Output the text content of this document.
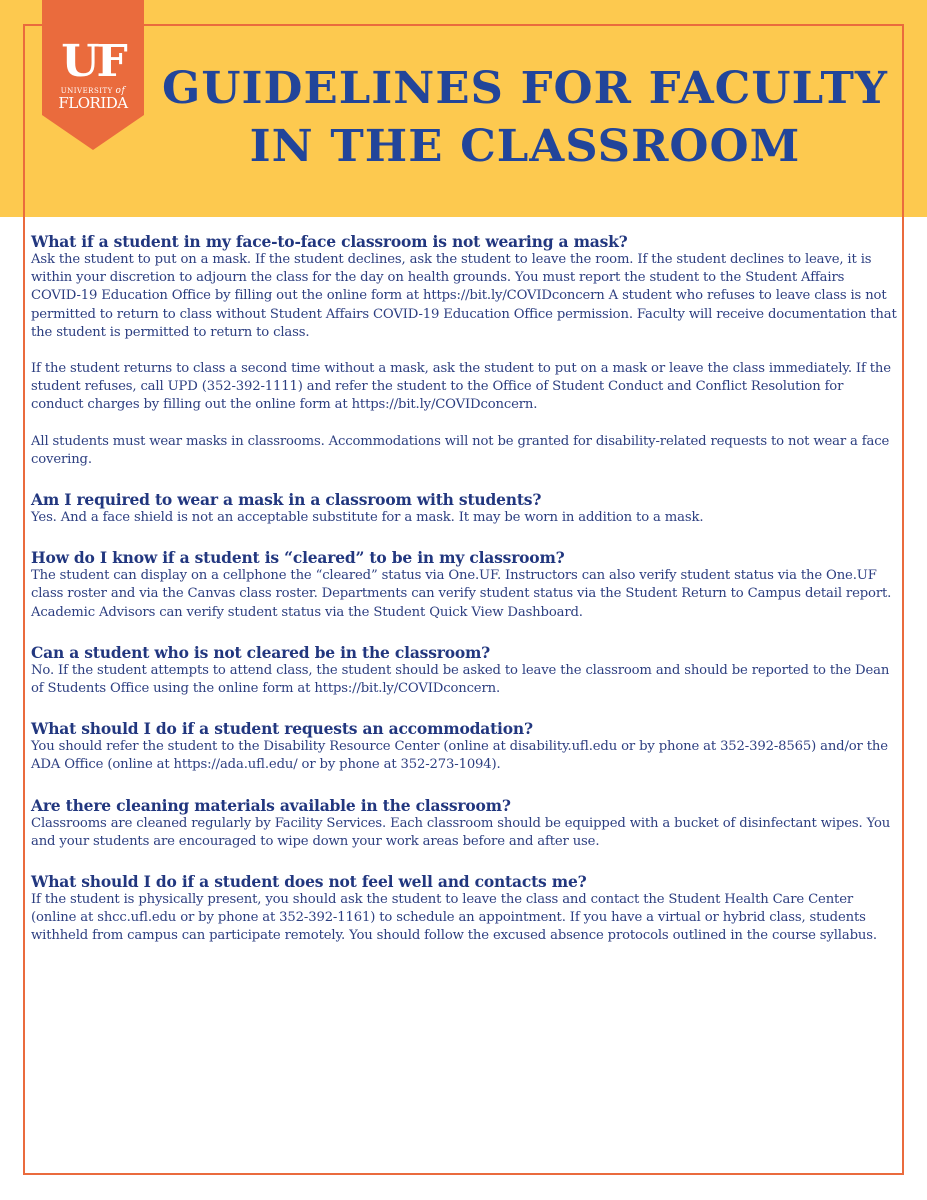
UF
UNIVERSITY of
FLORIDA GUIDELINES FOR FACULTY
IN THE CLASSROOM

What if a student in my face-to-face classroom is not wearing a mask?

Ask the student to put on a mask. If the student declines, ask the student to leave the room. If the student declines to leave, it is within your discretion to adjourn the class for the day on health grounds. You must report the student to the Student Affairs COVID-19 Education Office by filling out the online form at https://bit.ly/COVIDconcern A student who refuses to leave class is not permitted to return to class without Student Affairs COVID-19 Education Office permission. Faculty will receive documentation that the student is permitted to return to class.

If the student returns to class a second time without a mask, ask the student to put on a mask or leave the class immediately. If the student refuses, call UPD (352-392-1111) and refer the student to the Office of Student Conduct and Conflict Resolution for conduct charges by filling out the online form at https://bit.ly/COVIDconcern.

All students must wear masks in classrooms. Accommodations will not be granted for disability-related requests to not wear a face covering.

Am I required to wear a mask in a classroom with students?

Yes. And a face shield is not an acceptable substitute for a mask. It may be worn in addition to a mask.

How do I know if a student is “cleared” to be in my classroom?

The student can display on a cellphone the “cleared” status via One.UF. Instructors can also verify student status via the One.UF class roster and via the Canvas class roster. Departments can verify student status via the Student Return to Campus detail report. Academic Advisors can verify student status via the Student Quick View Dashboard.

Can a student who is not cleared be in the classroom?

No. If the student attempts to attend class, the student should be asked to leave the classroom and should be reported to the Dean of Students Office using the online form at https://bit.ly/COVIDconcern.

What should I do if a student requests an accommodation?

You should refer the student to the Disability Resource Center (online at disability.ufl.edu or by phone at 352-392-8565) and/or the ADA Office (online at https://ada.ufl.edu/ or by phone at 352-273-1094).

Are there cleaning materials available in the classroom?

Classrooms are cleaned regularly by Facility Services. Each classroom should be equipped with a bucket of disinfectant wipes. You and your students are encouraged to wipe down your work areas before and after use.

What should I do if a student does not feel well and contacts me?

If the student is physically present, you should ask the student to leave the class and contact the Student Health Care Center (online at shcc.ufl.edu or by phone at 352-392-1161) to schedule an appointment. If you have a virtual or hybrid class, students withheld from campus can participate remotely. You should follow the excused absence protocols outlined in the course syllabus.
